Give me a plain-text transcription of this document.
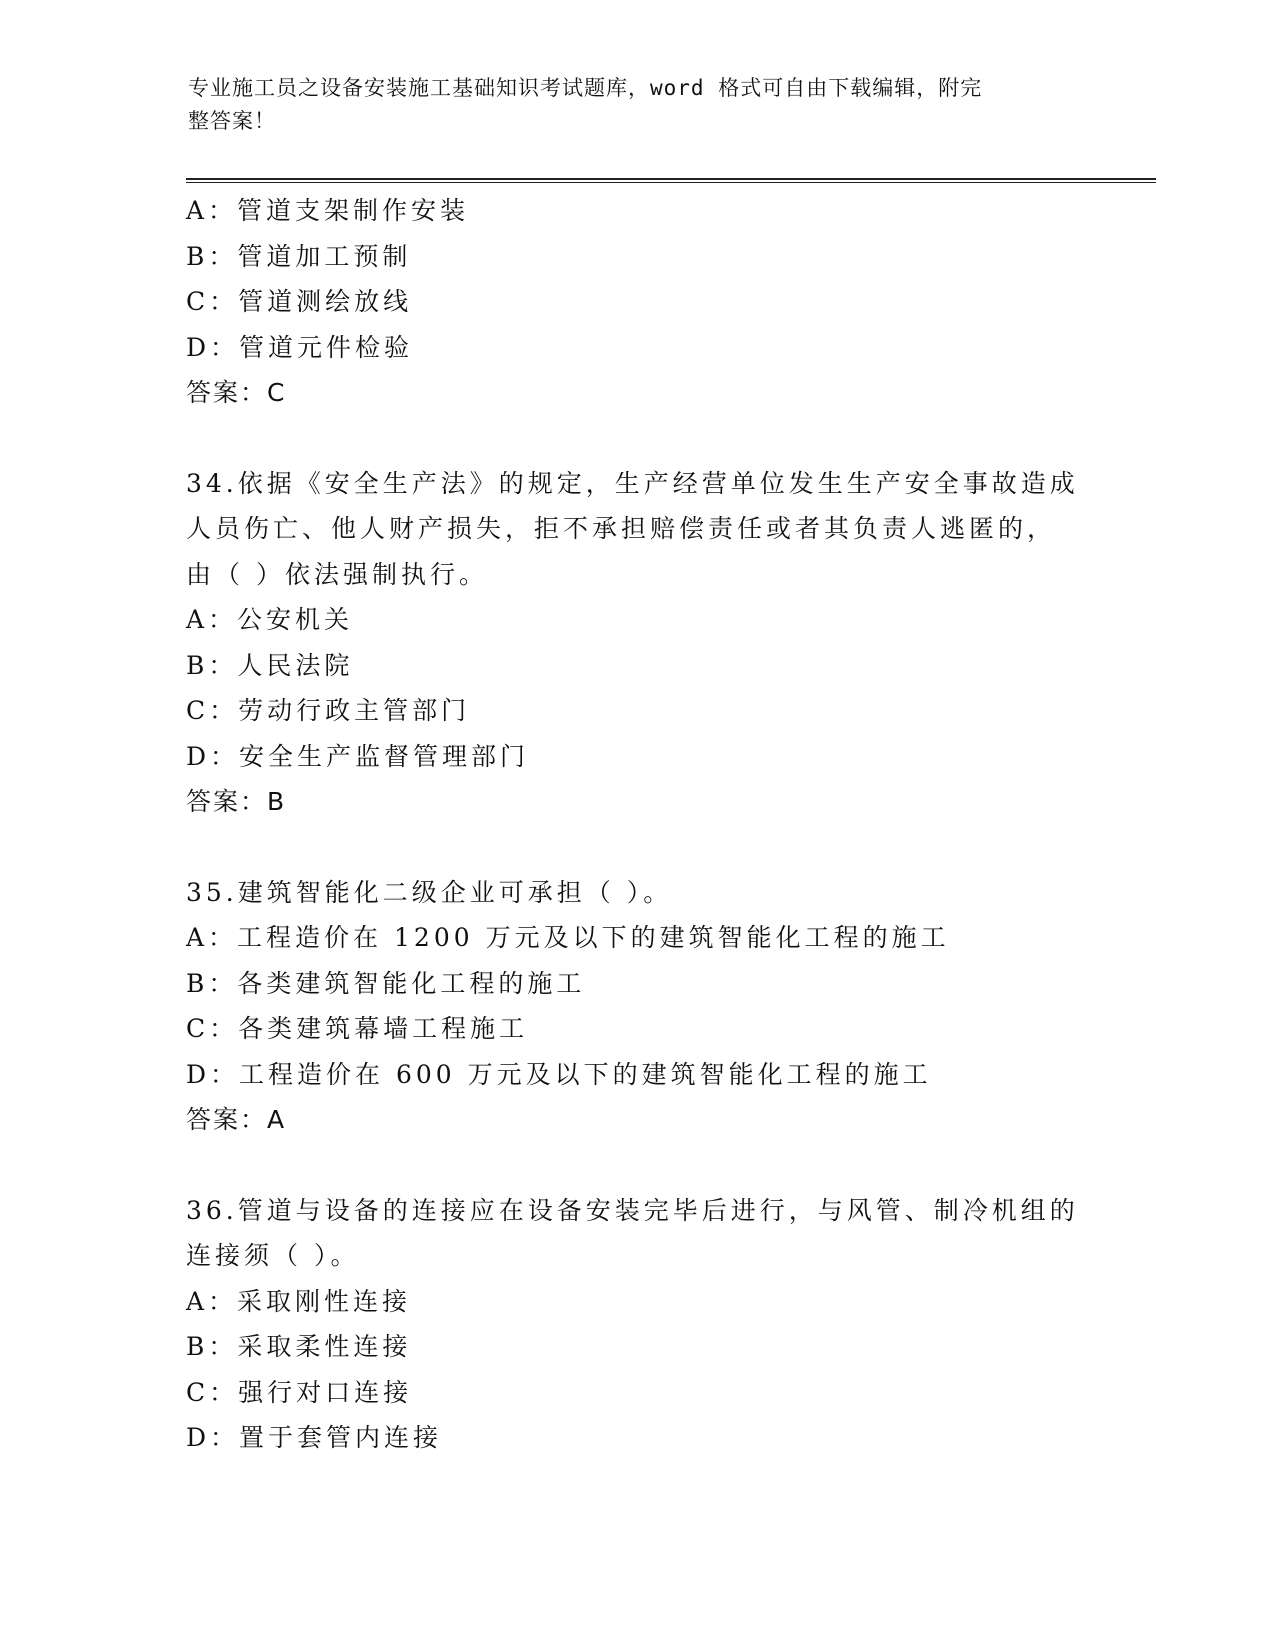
专业施工员之设备安装施工基础知识考试题库，word 格式可自由下载编辑，附完
整答案！
A：管道支架制作安装
B：管道加工预制
C：管道测绘放线
D：管道元件检验
答案：C
34.依据《安全生产法》的规定，生产经营单位发生生产安全事故造成
人员伤亡、他人财产损失，拒不承担赔偿责任或者其负责人逃匿的，
由（ ）依法强制执行。
A：公安机关
B：人民法院
C：劳动行政主管部门
D：安全生产监督管理部门
答案：B
35.建筑智能化二级企业可承担（ ）。
A：工程造价在 1200 万元及以下的建筑智能化工程的施工
B：各类建筑智能化工程的施工
C：各类建筑幕墙工程施工
D：工程造价在 600 万元及以下的建筑智能化工程的施工
答案：A
36.管道与设备的连接应在设备安装完毕后进行，与风管、制冷机组的
连接须（ ）。
A：采取刚性连接
B：采取柔性连接
C：强行对口连接
D：置于套管内连接
